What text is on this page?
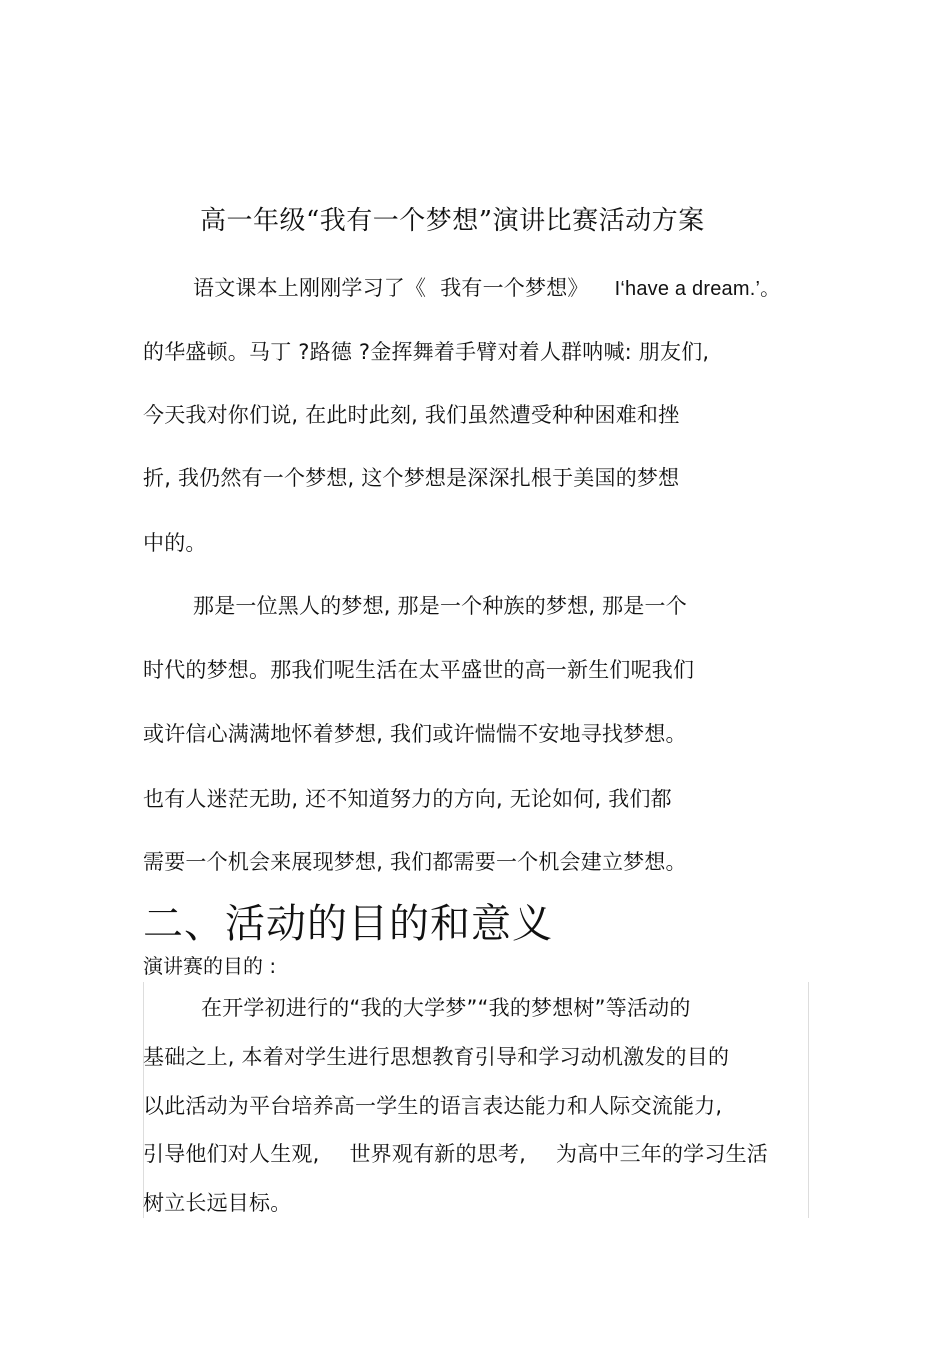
高一年级“我有一个梦想”演讲比赛活动方案
语文课本上刚刚学习了《 我有一个梦想》 I‘have a dream.’。
的华盛顿。马丁 ?路德 ?金挥舞着手臂对着人群呐喊: 朋友们,
今天我对你们说, 在此时此刻, 我们虽然遭受种种困难和挫
折, 我仍然有一个梦想, 这个梦想是深深扎根于美国的梦想
中的。
那是一位黑人的梦想, 那是一个种族的梦想, 那是一个
时代的梦想。那我们呢生活在太平盛世的高一新生们呢我们
或许信心满满地怀着梦想, 我们或许惴惴不安地寻找梦想。
也有人迷茫无助, 还不知道努力的方向, 无论如何, 我们都
需要一个机会来展现梦想, 我们都需要一个机会建立梦想。
二、活动的目的和意义
演讲赛的目的 :
在开学初进行的“我的大学梦”“我的梦想树”等活动的
基础之上, 本着对学生进行思想教育引导和学习动机激发的目的
以此活动为平台培养高一学生的语言表达能力和人际交流能力,
引导他们对人生观, 世界观有新的思考, 为高中三年的学习生活
树立长远目标。
